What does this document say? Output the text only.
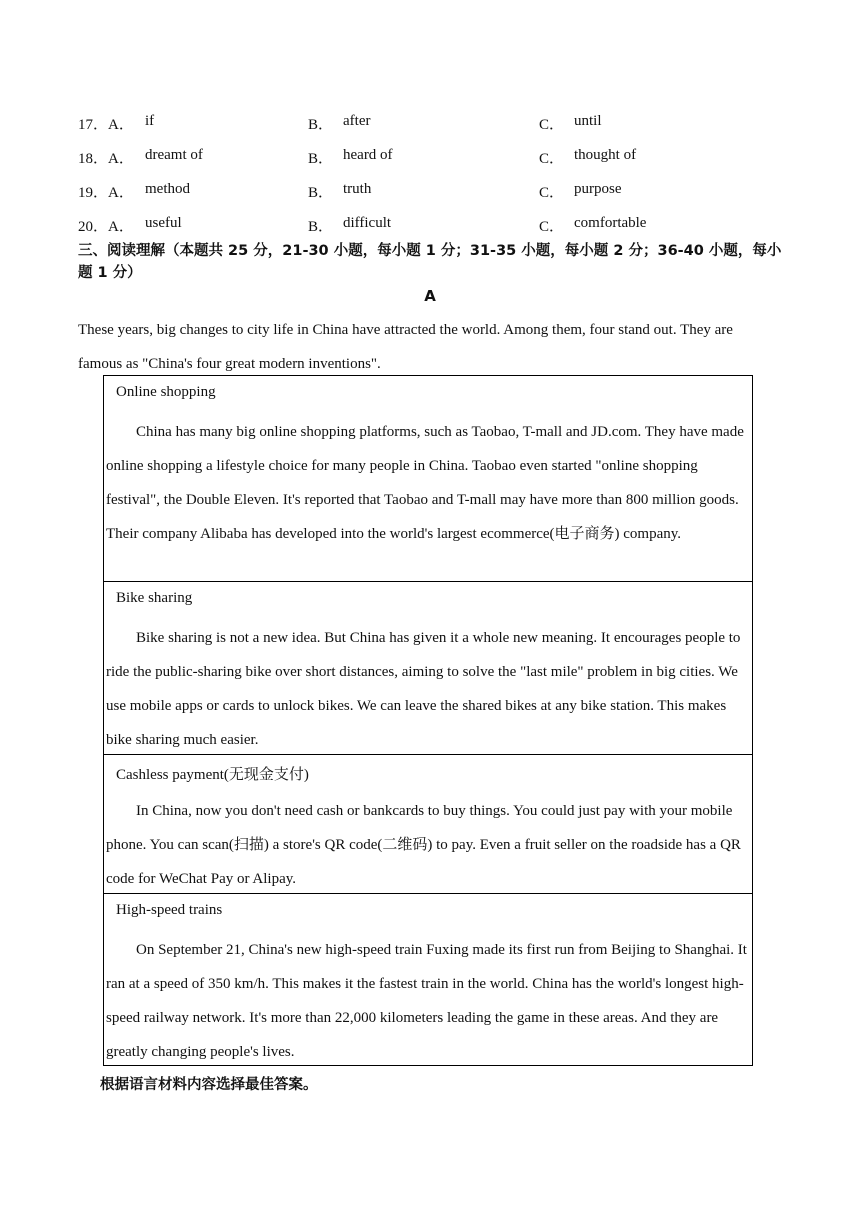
17． A． if	B． after	C． until
18． A． dreamt of	B． heard of	C． thought of
19． A． method	B． truth	C． purpose
20． A． useful	B． difficult	C． comfortable
三、阅读理解（本题共 25 分，21-30 小题，每小题 1 分；31-35 小题，每小题 2 分；36-40 小题，每小题 1 分）
A
These years, big changes to city life in China have attracted the world. Among them, four stand out. They are famous as "China's four great modern inventions".
Online shopping
China has many big online shopping platforms, such as Taobao, T-mall and JD.com. They have made online shopping a lifestyle choice for many people in China. Taobao even started "online shopping festival", the Double Eleven. It's reported that Taobao and T-mall may have more than 800 million goods. Their company Alibaba has developed into the world's largest ecommerce(电子商务) company.
Bike sharing
Bike sharing is not a new idea. But China has given it a whole new meaning. It encourages people to ride the public-sharing bike over short distances, aiming to solve the "last mile" problem in big cities. We use mobile apps or cards to unlock bikes. We can leave the shared bikes at any bike station. This makes bike sharing much easier.
Cashless payment(无现金支付)
In China, now you don't need cash or bankcards to buy things. You could just pay with your mobile phone. You can scan(扫描) a store's QR code(二维码) to pay. Even a fruit seller on the roadside has a QR code for WeChat Pay or Alipay.
High-speed trains
On September 21, China's new high-speed train Fuxing made its first run from Beijing to Shanghai. It ran at a speed of 350 km/h. This makes it the fastest train in the world. China has the world's longest high-speed railway network. It's more than 22,000 kilometers leading the game in these areas. And they are greatly changing people's lives.
根据语言材料内容选择最佳答案。
